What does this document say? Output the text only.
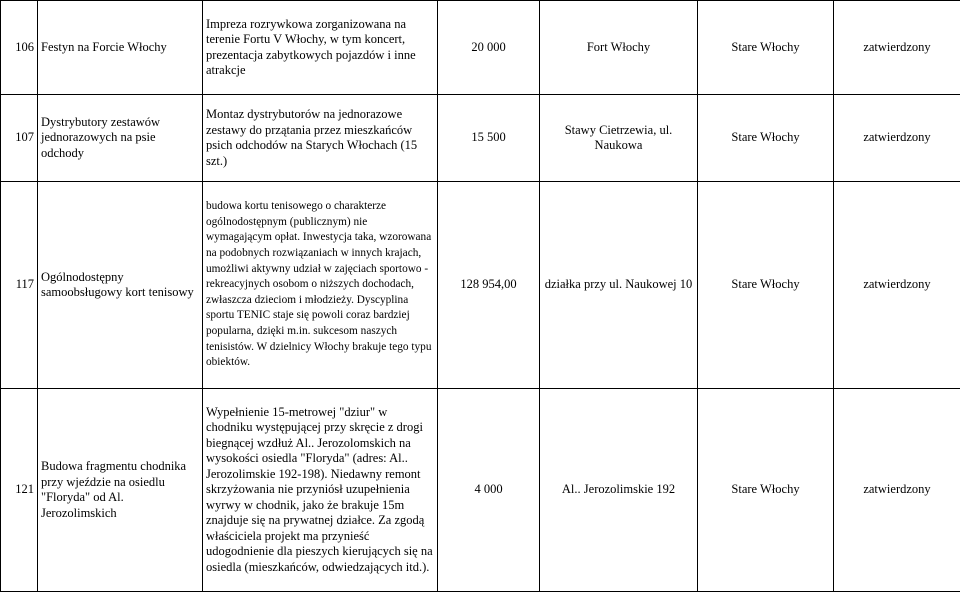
106	Festyn na Forcie Włochy	Impreza rozrywkowa zorganizowana na terenie Fortu V Włochy, w tym koncert, prezentacja zabytkowych pojazdów i inne atrakcje	20 000	Fort Włochy	Stare Włochy	zatwierdzony
107	Dystrybutory zestawów jednorazowych na psie odchody	Montaz dystrybutorów na jednorazowe zestawy do przątania przez mieszkańców psich odchodów na Starych Włochach (15 szt.)	15 500	Stawy Cietrzewia, ul. Naukowa	Stare Włochy	zatwierdzony
117	Ogólnodostępny samoobsługowy kort tenisowy	budowa kortu tenisowego o charakterze ogólnodostępnym (publicznym) nie wymagającym opłat. Inwestycja taka, wzorowana na podobnych rozwiązaniach w innych krajach, umożliwi aktywny udział w zajęciach sportowo - rekreacyjnych osobom o niższych dochodach, zwłaszcza dzieciom i młodzieży. Dyscyplina sportu TENIC staje się powoli coraz bardziej popularna, dzięki m.in. sukcesom naszych tenisistów. W dzielnicy Włochy brakuje tego typu obiektów.	128 954,00	działka przy ul. Naukowej 10	Stare Włochy	zatwierdzony
121	Budowa fragmentu chodnika przy wjeździe na osiedlu "Floryda" od Al. Jerozolimskich	Wypełnienie 15-metrowej "dziur" w chodniku występującej przy skręcie z drogi biegnącej wzdłuż Al.. Jerozolomskich na wysokości osiedla "Floryda" (adres: Al.. Jerozolimskie 192-198). Niedawny remont skrzyżowania nie przyniósł uzupełnienia wyrwy w chodnik, jako że brakuje 15m znajduje się na prywatnej działce. Za zgodą właściciela projekt ma przynieść udogodnienie dla pieszych kierujących się na osiedla (mieszkańców, odwiedzających itd.).	4 000	Al.. Jerozolimskie 192	Stare Włochy	zatwierdzony
